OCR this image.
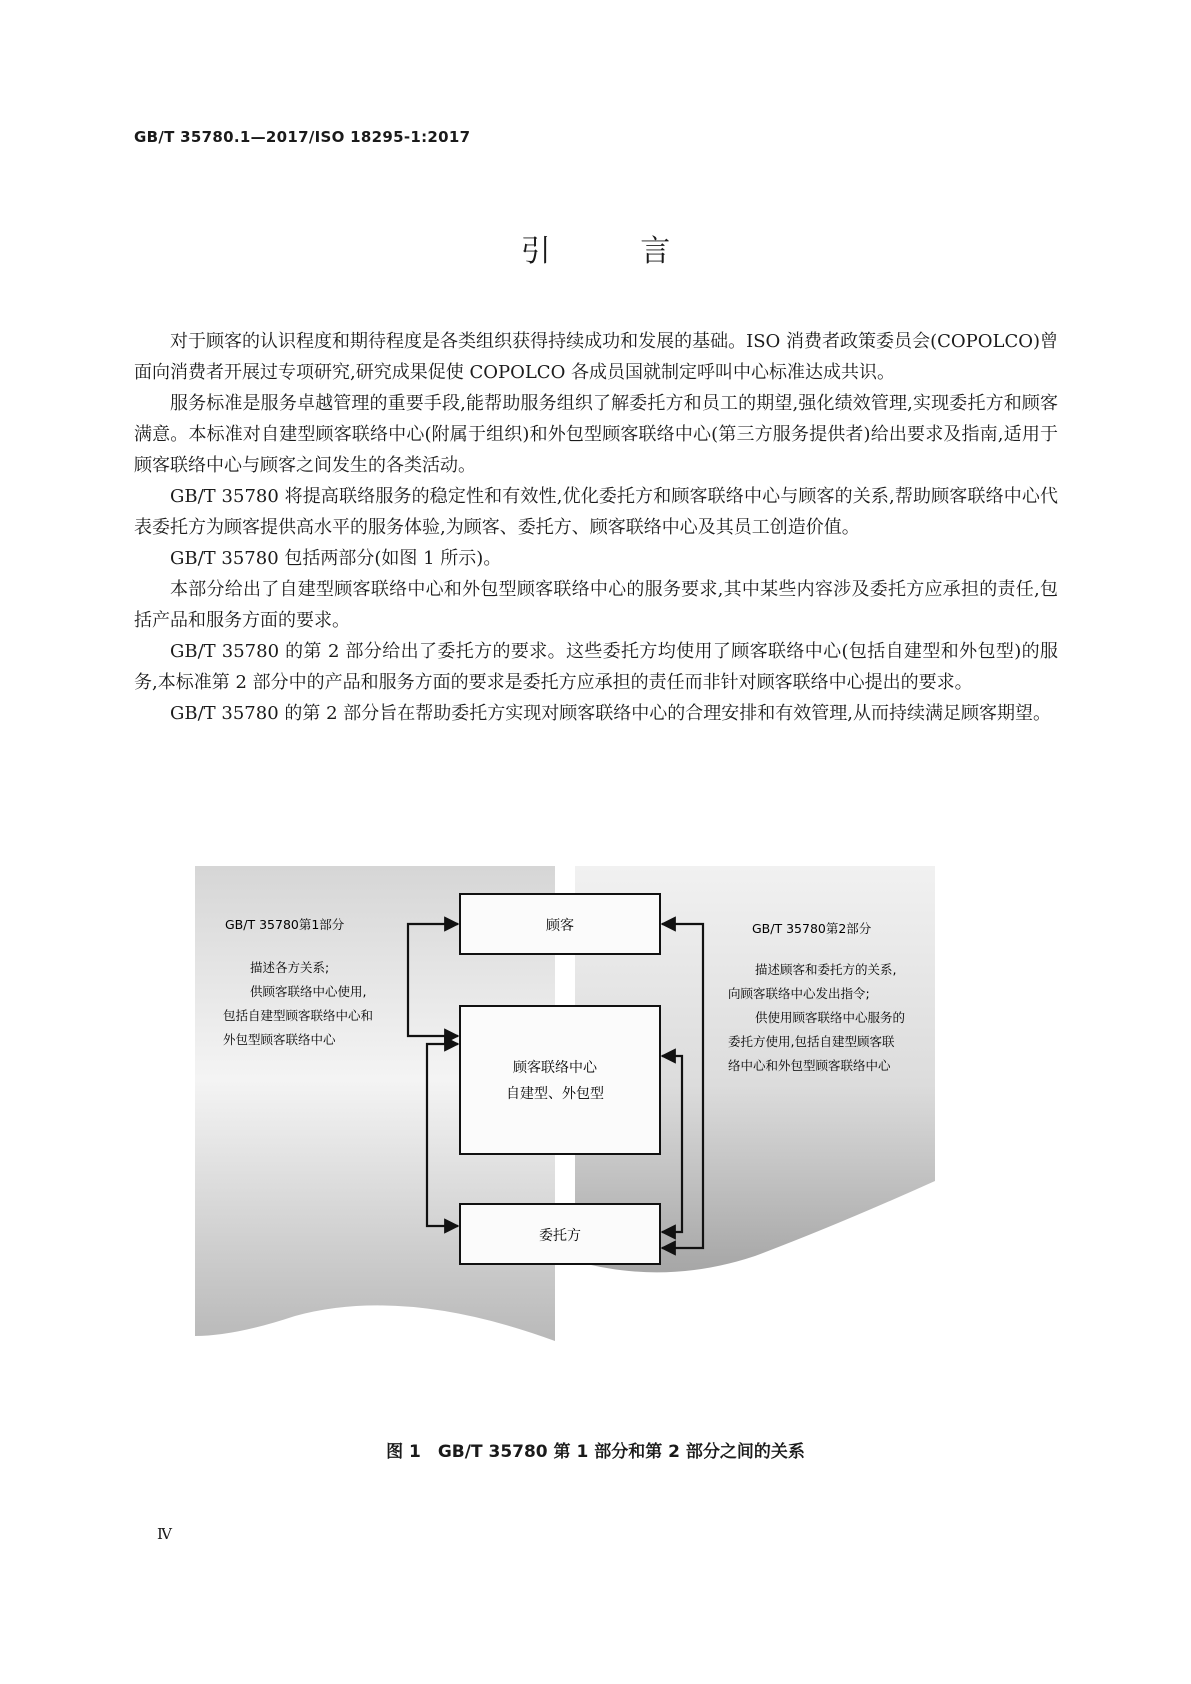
GB/T 35780.1—2017/ISO 18295-1:2017
引 言

对于顾客的认识程度和期待程度是各类组织获得持续成功和发展的基础。ISO 消费者政策委员会(COPOLCO)曾面向消费者开展过专项研究,研究成果促使 COPOLCO 各成员国就制定呼叫中心标准达成共识。

服务标准是服务卓越管理的重要手段,能帮助服务组织了解委托方和员工的期望,强化绩效管理,实现委托方和顾客满意。本标准对自建型顾客联络中心(附属于组织)和外包型顾客联络中心(第三方服务提供者)给出要求及指南,适用于顾客联络中心与顾客之间发生的各类活动。

GB/T 35780 将提高联络服务的稳定性和有效性,优化委托方和顾客联络中心与顾客的关系,帮助顾客联络中心代表委托方为顾客提供高水平的服务体验,为顾客、委托方、顾客联络中心及其员工创造价值。

GB/T 35780 包括两部分(如图 1 所示)。

本部分给出了自建型顾客联络中心和外包型顾客联络中心的服务要求,其中某些内容涉及委托方应承担的责任,包括产品和服务方面的要求。

GB/T 35780 的第 2 部分给出了委托方的要求。这些委托方均使用了顾客联络中心(包括自建型和外包型)的服务,本标准第 2 部分中的产品和服务方面的要求是委托方应承担的责任而非针对顾客联络中心提出的要求。

GB/T 35780 的第 2 部分旨在帮助委托方实现对顾客联络中心的合理安排和有效管理,从而持续满足顾客期望。

顾客
顾客联络中心
自建型、外包型
委托方
GB/T 35780第1部分
描述各方关系;
供顾客联络中心使用,
包括自建型顾客联络中心和
外包型顾客联络中心
GB/T 35780第2部分
描述顾客和委托方的关系,
向顾客联络中心发出指令;
供使用顾客联络中心服务的
委托方使用,包括自建型顾客联
络中心和外包型顾客联络中心
图 1　GB/T 35780 第 1 部分和第 2 部分之间的关系
Ⅳ
